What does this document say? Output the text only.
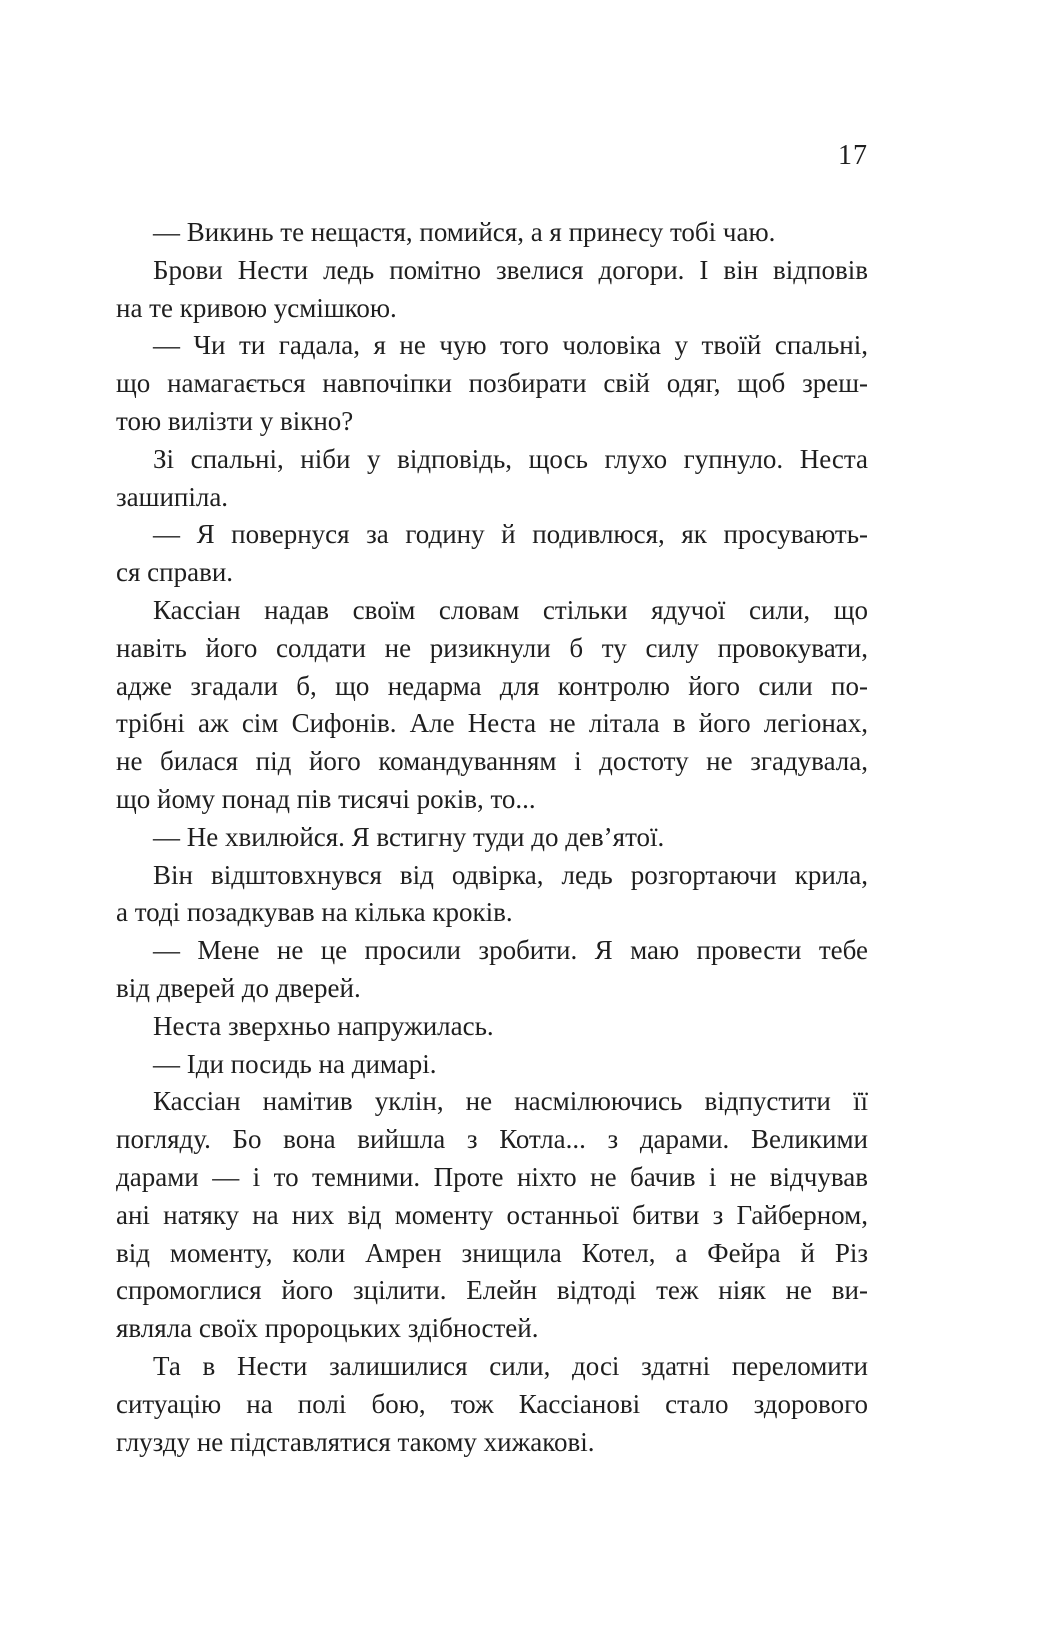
17
— Викинь те нещастя, помийся, а я принесу тобі чаю.
Брови Нести ледь помітно звелися догори. І він відповів
на те кривою усмішкою.
— Чи ти гадала, я не чую того чоловіка у твоїй спальні,
що намагається навпочіпки позбирати свій одяг, щоб зреш-
тою вилізти у вікно?
Зі спальні, ніби у відповідь, щось глухо гупнуло. Неста
зашипіла.
— Я повернуся за годину й подивлюся, як просувають-
ся справи.
Кассіан надав своїм словам стільки ядучої сили, що
навіть його солдати не ризикнули б ту силу провокувати,
адже згадали б, що недарма для контролю його сили по-
трібні аж сім Сифонів. Але Неста не літала в його легіонах,
не билася під його командуванням і достоту не згадувала,
що йому понад пів тисячі років, то...
— Не хвилюйся. Я встигну туди до дев’ятої.
Він відштовхнувся від одвірка, ледь розгортаючи крила,
а тоді позадкував на кілька кроків.
— Мене не це просили зробити. Я маю провести тебе
від дверей до дверей.
Неста зверхньо напружилась.
— Іди посидь на димарі.
Кассіан намітив уклін, не насмілюючись відпустити її
погляду. Бо вона вийшла з Котла... з дарами. Великими
дарами — і то темними. Проте ніхто не бачив і не відчував
ані натяку на них від моменту останньої битви з Гайберном,
від моменту, коли Амрен знищила Котел, а Фейра й Різ
спромоглися його зцілити. Елейн відтоді теж ніяк не ви-
являла своїх пророцьких здібностей.
Та в Нести залишилися сили, досі здатні переломити
ситуацію на полі бою, тож Кассіанові стало здорового
глузду не підставлятися такому хижакові.
